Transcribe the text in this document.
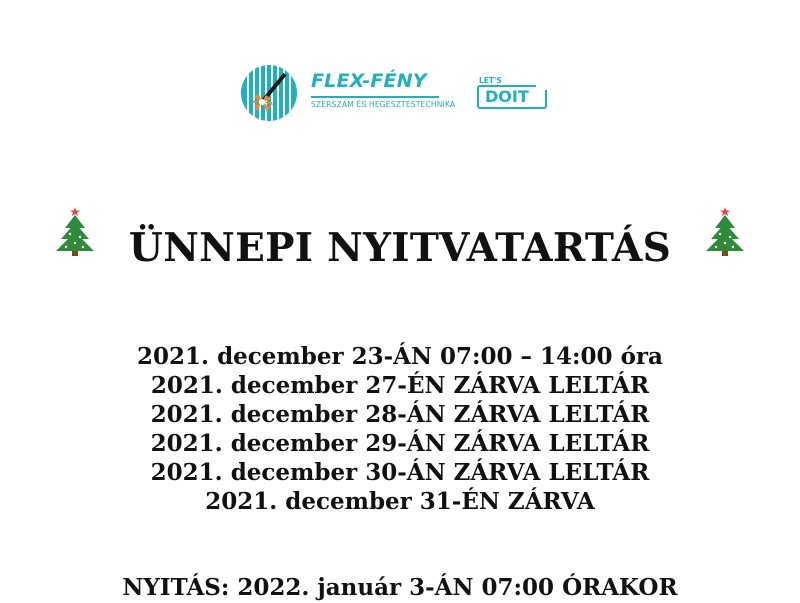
FLEX-FÉNY
SZERSZÁM ÉS HEGESZTÉSTECHNIKA DOIT
LET'S
ÜNNEPI NYITVATARTÁS
2021. december 23-ÁN 07:00 – 14:00 óra
2021. december 27-ÉN ZÁRVA LELTÁR
2021. december 28-ÁN ZÁRVA LELTÁR
2021. december 29-ÁN ZÁRVA LELTÁR
2021. december 30-ÁN ZÁRVA LELTÁR
2021. december 31-ÉN ZÁRVA
NYITÁS: 2022. január 3-ÁN 07:00 ÓRAKOR
